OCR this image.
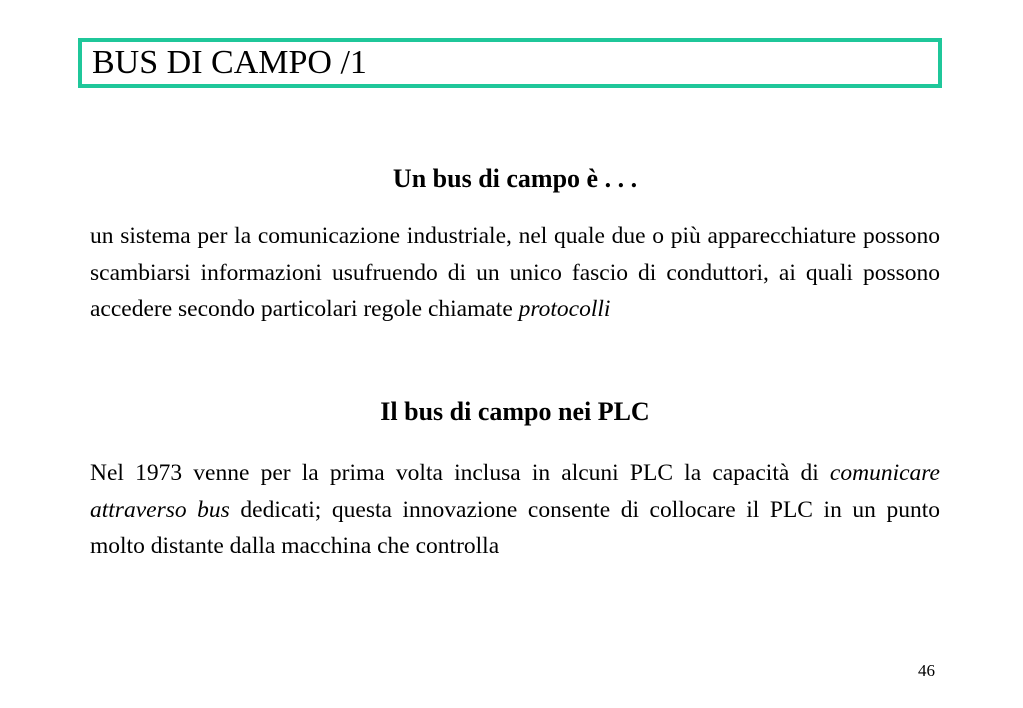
BUS DI CAMPO /1
Un bus di campo è . . .

un sistema per la comunicazione industriale, nel quale due o più apparecchiature possono scambiarsi informazioni usufruendo di un unico fascio di conduttori, ai quali possono accedere secondo particolari regole chiamate protocolli

Il bus di campo nei PLC

Nel 1973 venne per la prima volta inclusa in alcuni PLC la capacità di comunicare attraverso bus dedicati; questa innovazione consente di collocare il PLC in un punto molto distante dalla macchina che controlla

46
